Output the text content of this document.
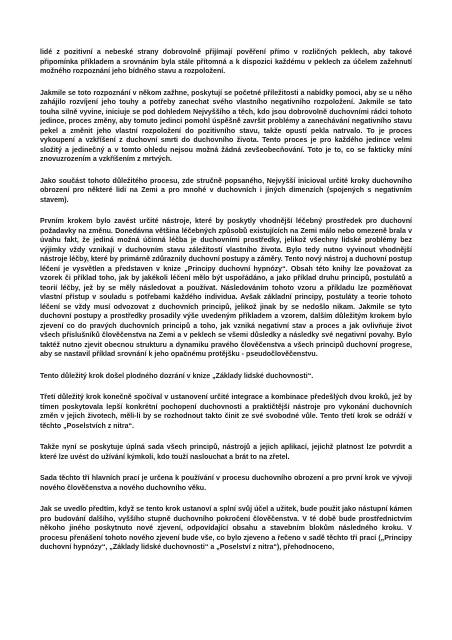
lidé z pozitivní a nebeské strany dobrovolně přijímají pověření přímo v rozličných peklech, aby takové připomínka příkladem a srovnáním byla stále přítomná a k dispozici každému v peklech za účelem zažehnutí možného rozpoznání jeho bídného stavu a rozpoložení.

Jakmile se toto rozpoznání v někom zažhne, poskytují se početné příležitosti a nabídky pomoci, aby se u něho zahájilo rozvíjení jeho touhy a potřeby zanechat svého vlastního negativního rozpoložení. Jakmile se tato touha silně vyvine, iniciuje se pod dohledem Nejvyššího a těch, kdo jsou dobrovolně duchovními rádci tohoto jedince, proces změny, aby tomuto jedinci pomohl úspěšně završit problémy a zanechávání negativního stavu pekel a změnit jeho vlastní rozpoložení do pozitivního stavu, takže opustí pekla natrvalo. To je proces vykoupení a vzkříšení z duchovní smrti do duchovního života. Tento proces je pro každého jedince velmi složitý a jedinečný a v tomto ohledu nejsou možná žádná zevšeobecňování. Toto je to, co se fakticky míní znovuzrozením a vzkříšením z mrtvých.

Jako součást tohoto důležitého procesu, zde stručně popsaného, Nejvyšší inicioval určité kroky duchovního obrození pro některé lidi na Zemi a pro mnohé v duchovních i jiných dimenzích (spojených s negativním stavem).

Prvním krokem bylo zavést určité nástroje, které by poskytly vhodnější léčebný prostředek pro duchovní požadavky na změnu. Donedávna většina léčebných způsobů existujících na Zemi málo nebo omezeně brala v úvahu fakt, že jediná možná účinná léčba je duchovními prostředky, jelikož všechny lidské problémy bez výjimky vždy vznikají v duchovním stavu záležitostí vlastního života. Bylo tedy nutno vyvinout vhodnější nástroje léčby, které by primárně zdůraznily duchovní postupy a záměry. Tento nový nástroj a duchovní postup léčení je vysvětlen a představen v knize „Principy duchovní hypnózy“. Obsah této knihy lze považovat za vzorek či příklad toho, jak by jakékoli léčení mělo být uspořádáno, a jako příklad druhu principů, postulátů a teorií léčby, jež by se měly následovat a používat. Následováním tohoto vzoru a příkladu lze pozměňovat vlastní přístup v souladu s potřebami každého individua. Avšak základní principy, postuláty a teorie tohoto léčení se vždy musí odvozovat z duchovních principů, jelikož jinak by se nedošlo nikam. Jakmile se tyto duchovní postupy a prostředky prosadily výše uvedeným příkladem a vzorem, dalším důležitým krokem bylo zjevení co do pravých duchovních principů a toho, jak vzniká negativní stav a proces a jak ovlivňuje život všech příslušníků člověčenstva na Zemi a v peklech se všemi důsledky a následky své negativní povahy. Bylo taktéž nutno zjevit obecnou strukturu a dynamiku pravého člověčenstva a všech principů duchovní progrese, aby se nastavil příklad srovnání k jeho opačnému protějšku - pseudočlověčenstvu.

Tento důležitý krok došel plodného dozrání v knize „Základy lidské duchovnosti“.

Třetí důležitý krok konečně spočíval v ustanovení určité integrace a kombinace předešlých dvou kroků, jež by tímen poskytovala lepší konkrétní pochopení duchovnosti a praktičtější nástroje pro vykonání duchovních změn v jejich životech, měli-li by se rozhodnout takto činit ze své svobodné vůle. Tento třetí krok se odráží v těchto „Poselstvích z nitra“.

Takže nyní se poskytuje úplná sada všech principů, nástrojů a jejich aplikací, jejichž platnost lze potvrdit a které lze uvést do užívání kýmkoli, kdo touží naslouchat a brát to na zřetel.

Sada těchto tří hlavních prací je určena k používání v procesu duchovního obrození a pro první krok ve vývoji nového člověčenstva a nového duchovního věku.

Jak se uvedlo předtím, když se tento krok ustanoví a splní svůj účel a užitek, bude použit jako nástupní kámen pro budování dalšího, vyššího stupně duchovního pokročení člověčenstva. V té době bude prostřednictvím někoho jiného poskytnuto nové zjevení, odpovídající obsahu a stavebním blokům následného kroku. V procesu přenášení tohoto nového zjevení bude vše, co bylo zjeveno a řečeno v sadě těchto tří prací („Principy duchovní hypnózy“, „Základy lidské duchovnosti“ a „Poselství z nitra“), přehodnoceno,
